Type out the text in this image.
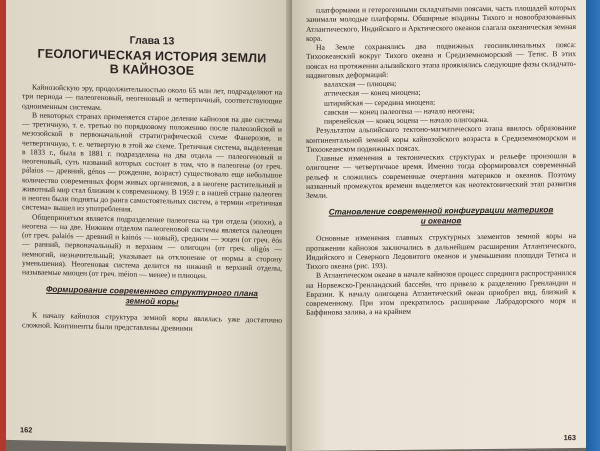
Глава 13
ГЕОЛОГИЧЕСКАЯ ИСТОРИЯ ЗЕМЛИ
В КАЙНОЗОЕ

Кайнозойскую эру, продолжительностью около 65 млн лет, подразделяют на три периода — палеогеновый, неогеновый и четвертичный, соответствующие одноименным системам.

В некоторых странах применяется старое деление кайнозоя на две системы — третичную, т. е. третью по порядковому положению после палеозойской и мезозойской в первоначальной стратиграфической схеме Фанерозоя, и четвертичную, т. е. четвертую в этой же схеме. Третичная система, выделенная в 1833 г., была в 1881 г. подразделена на два отдела — палеогеновый и неогеновый, суть названий которых состоит в том, что в палеогене (от греч. pálaios — древний, génos — рождение, возраст) существовало еще небольшое количество современных форм живых организмов, а в неогене растительный и животный мир стал близким к современному. В 1959 г. в нашей стране палеоген и неоген были подняты до ранга самостоятельных систем, а термин «третичная система» вышел из употребления.

Общепринятым является подразделение палеогена на три отдела (эпохи), а неогена — на две. Нижним отделом палеогеновой системы является палеоцен (от греч. palaiós — древний и kainós — новый), средним — эоцен (от греч. ēós — ранний, первоначальный) и верхним — олигоцен (от греч. oligós — немногий, незначительный; указывает на отклонение от нормы в сторону уменьшения). Неогеновая система делится на нижний и верхний отделы, называемые миоцен (от греч. méion — менее) и плиоцен.

Формирование современного структурного плана
земной коры

К началу кайнозоя структура земной коры являлась уже достаточно сложной. Континенты были представлены древними

162

платформами и гетерогенными складчатыми поясами, часть площадей которых занимали молодые платформы. Обширные впадины Тихого и новообразованных Атлантического, Индийского и Арктического океанов слагала океаническая земная кора.

На Земле сохранялись два подвижных геосинклинальных пояса: Тихоокеанский вокруг Тихого океана и Средиземноморский — Тетис. В этих поясах на протяжении альпийского этапа проявлялись следующие фазы складчато-надвиговых деформаций:

валахская — плиоцен;
аттическая — конец миоцена;
штирийская — середина миоцена;
савская — конец палеогена — начало неогена;
пиренейская — конец эоцена — начало олигоцена.

Результатом альпийского тектоно-магматического этапа явилось образование континентальной земной коры кайнозойского возраста в Средиземноморском и Тихоокеанском подвижных поясах.

Главные изменения в тектонических структурах и рельефе произошли в олигоцене — четвертичное время. Именно тогда сформировался современный рельеф и сложились современные очертания материков и океанов. Поэтому названный промежуток времени выделяется как неотектонический этап развития Земли.

Становление современной конфигурации материков
и океанов

Основные изменения главных структурных элементов земной коры на протяжении кайнозоя заключались в дальнейшем расширении Атлантического, Индийского и Северного Ледовитого океанов и уменьшении площади Тетиса и Тихого океана (рис. 193).

В Атлантическом океане в начале кайнозоя процесс спрединга распространился на Норвежско-Гренландский бассейн, что привело к разделению Гренландии и Евразии. К началу олигоцена Атлантический океан приобрел вид, близкий к современному. При этом прекратилось расширение Лабрадорского моря и Баффинова залива, а на крайнем

163
